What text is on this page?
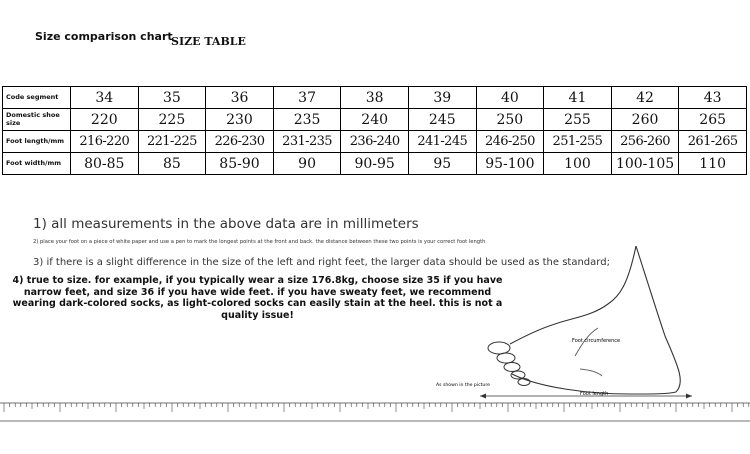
Size comparison chart
SIZE TABLE
Code segment	34	35	36	37	38	39	40	41	42	43
Domestic shoe size	220	225	230	235	240	245	250	255	260	265
Foot length/mm	216-220	221-225	226-230	231-235	236-240	241-245	246-250	251-255	256-260	261-265
Foot width/mm	80-85	85	85-90	90	90-95	95	95-100	100	100-105	110
1) all measurements in the above data are in millimeters
2) place your foot on a piece of white paper and use a pen to mark the longest points at the front and back. the distance between these two points is your correct foot length
3) if there is a slight difference in the size of the left and right feet, the larger data should be used as the standard;
4) true to size. for example, if you typically wear a size 176.8kg, choose size 35 if you have narrow feet, and size 36 if you have wide feet. if you have sweaty feet, we recommend wearing dark-colored socks, as light-colored socks can easily stain at the heel. this is not a quality issue!
Foot circumference
Foot length
As shown in the picture
